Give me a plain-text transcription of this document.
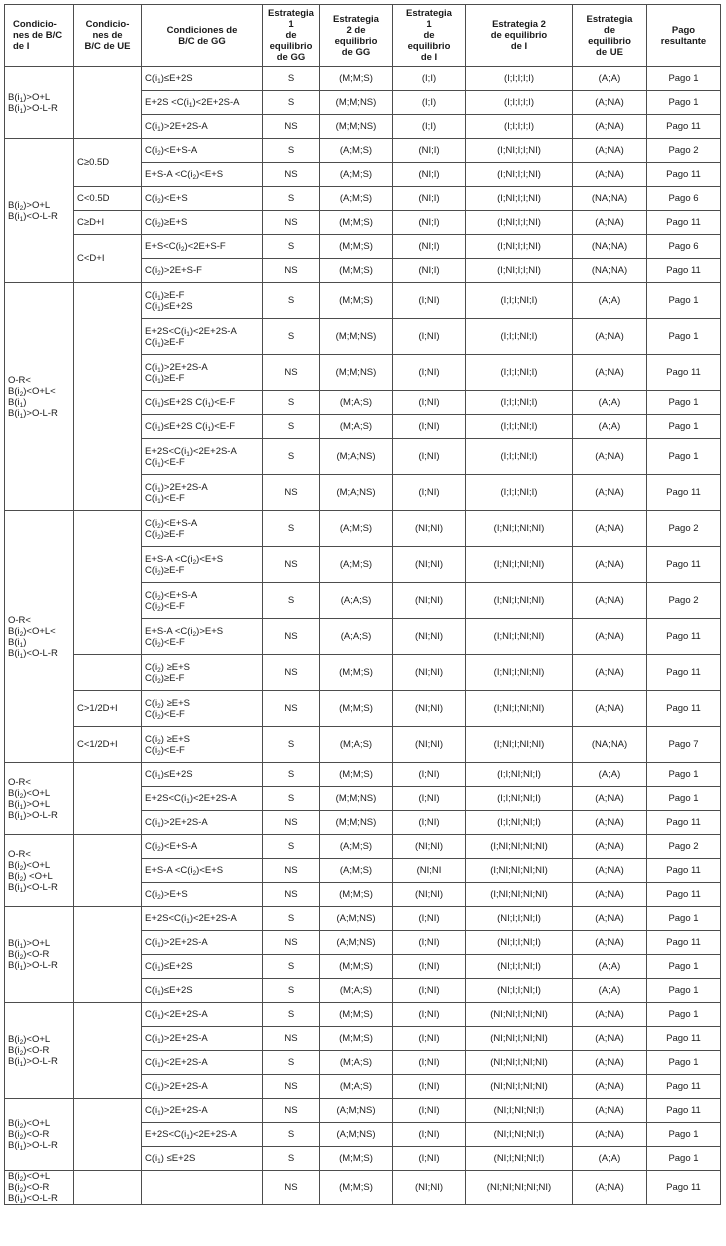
Condicio-
nes de B/C
de I	Condicio-
nes de
B/C de UE	Condiciones de
B/C de GG	Estrategia
1
de
equilibrio
de GG	Estrategia
2 de
equilibrio
de GG	Estrategia
1
de
equilibrio
de I	Estrategia 2
de equilibrio
de I	Estrategia
de
equilibrio
de UE	Pago
resultante

$B(i_1)>O+L$
$B(i_1)>O-L-R$		$C(i_1)\le E+2S$	S	(M;M;S)	(I;I)	(I;I;I;I;I)	(A;A)	Pago 1

		$E+2S <C(i_1)<2E+2S-A$	S	(M;M;NS)	(I;I)	(I;I;I;I;I)	(A;NA)	Pago 1

		$C(i_1)>2E+2S-A$	NS	(M;M;NS)	(I;I)	(I;I;I;I;I)	(A;NA)	Pago 11

$B(i_2)>O+L$
$B(i_1)<O-L-R$	C≥0.5D	$C(i_2)<E+S-A$	S	(A;M;S)	(NI;I)	(I;NI;I;I;NI)	(A;NA)	Pago 2

		$E+S-A <C(i_2)<E+S$	NS	(A;M;S)	(NI;I)	(I;NI;I;I;NI)	(A;NA)	Pago 11
	C<0.5D	$C(i_2)<E+S$	S	(A;M;S)	(NI;I)	(I;NI;I;I;NI)	(NA;NA)	Pago 6
	C≥D+I	$C(i_2)\ge E+S$	NS	(M;M;S)	(NI;I)	(I;NI;I;I;NI)	(A;NA)	Pago 11
	C<D+I	$E+S<C(i_2)<2E+S-F$	S	(M;M;S)	(NI;I)	(I;NI;I;I;NI)	(NA;NA)	Pago 6

		$C(i_2)>2E+S-F$	NS	(M;M;S)	(NI;I)	(I;NI;I;I;NI)	(NA;NA)	Pago 11

O-R<
$B(i_2)<O+L<$
$B(i_1)$
$B(i_1)>O-L-R$		$C(i_1)\ge E-F$
$C(i_1)\le E+2S$	S	(M;M;S)	(I;NI)	(I;I;I;NI;I)	(A;A)	Pago 1

		$E+2S<C(i_1)<2E+2S-A$
$C(i_1)\ge E-F$	S	(M;M;NS)	(I;NI)	(I;I;I;NI;I)	(A;NA)	Pago 1

		$C(i_1)>2E+2S-A$
$C(i_1)\ge E-F$	NS	(M;M;NS)	(I;NI)	(I;I;I;NI;I)	(A;NA)	Pago 11

		$C(i_1)\le E+2S$ $C(i_1)<E-F$	S	(M;A;S)	(I;NI)	(I;I;I;NI;I)	(A;A)	Pago 1

		$C(i_1)\le E+2S$ $C(i_1)<E-F$	S	(M;A;S)	(I;NI)	(I;I;I;NI;I)	(A;A)	Pago 1

		$E+2S<C(i_1)<2E+2S-A$
$C(i_1)<E-F$	S	(M;A;NS)	(I;NI)	(I;I;I;NI;I)	(A;NA)	Pago 1

		$C(i_1)>2E+2S-A$
$C(i_1)<E-F$	NS	(M;A;NS)	(I;NI)	(I;I;I;NI;I)	(A;NA)	Pago 11

O-R<
$B(i_2)<O+L<$
$B(i_1)$
$B(i_1)<O-L-R$		$C(i_2)<E+S-A$
$C(i_2)\ge E-F$	S	(A;M;S)	(NI;NI)	(I;NI;I;NI;NI)	(A;NA)	Pago 2

		$E+S-A <C(i_2)<E+S$
$C(i_2)\ge E-F$	NS	(A;M;S)	(NI;NI)	(I;NI;I;NI;NI)	(A;NA)	Pago 11

		$C(i_2)<E+S-A$
$C(i_2)<E-F$	S	(A;A;S)	(NI;NI)	(I;NI;I;NI;NI)	(A;NA)	Pago 2

		$E+S-A <C(i_2)>E+S$
$C(i_2)<E-F$	NS	(A;A;S)	(NI;NI)	(I;NI;I;NI;NI)	(A;NA)	Pago 11

		$C(i_2) \ge E+S$
$C(i_2)\ge E-F$	NS	(M;M;S)	(NI;NI)	(I;NI;I;NI;NI)	(A;NA)	Pago 11
	C>1/2D+I	$C(i_2) \ge E+S$
$C(i_2)<E-F$	NS	(M;M;S)	(NI;NI)	(I;NI;I;NI;NI)	(A;NA)	Pago 11
	C<1/2D+I	$C(i_2) \ge E+S$
$C(i_2)<E-F$	S	(M;A;S)	(NI;NI)	(I;NI;I;NI;NI)	(NA;NA)	Pago 7

O-R<
$B(i_2)<O+L$
$B(i_1)>O+L$
$B(i_1)>O-L-R$		$C(i_1)\le E+2S$	S	(M;M;S)	(I;NI)	(I;I;NI;NI;I)	(A;A)	Pago 1

		$E+2S<C(i_1)<2E+2S-A$	S	(M;M;NS)	(I;NI)	(I;I;NI;NI;I)	(A;NA)	Pago 1

		$C(i_1)>2E+2S-A$	NS	(M;M;NS)	(I;NI)	(I;I;NI;NI;I)	(A;NA)	Pago 11

O-R<
$B(i_2)<O+L$
$B(i_2) <O+L$
$B(i_1)<O-L-R$		$C(i_2)<E+S-A$	S	(A;M;S)	(NI;NI)	(I;NI;NI;NI;NI)	(A;NA)	Pago 2

		$E+S-A <C(i_2)<E+S$	NS	(A;M;S)	(NI;NI	(I;NI;NI;NI;NI)	(A;NA)	Pago 11

		$C(i_2)>E+S$	NS	(M;M;S)	(NI;NI)	(I;NI;NI;NI;NI)	(A;NA)	Pago 11

$B(i_1)>O+L$
$B(i_2)<O-R$
$B(i_1)>O-L-R$		$E+2S<C(i_1)<2E+2S-A$	S	(A;M;NS)	(I;NI)	(NI;I;I;NI;I)	(A;NA)	Pago 1

		$C(i_1)>2E+2S-A$	NS	(A;M;NS)	(I;NI)	(NI;I;I;NI;I)	(A;NA)	Pago 11

		$C(i_1)\le E+2S$	S	(M;M;S)	(I;NI)	(NI;I;I;NI;I)	(A;A)	Pago 1

		$C(i_1)\le E+2S$	S	(M;A;S)	(I;NI)	(NI;I;I;NI;I)	(A;A)	Pago 1

$B(i_2)<O+L$
$B(i_2)<O-R$
$B(i_1)>O-L-R$		$C(i_1)<2E+2S-A$	S	(M;M;S)	(I;NI)	(NI;NI;I;NI;NI)	(A;NA)	Pago 1

		$C(i_1)>2E+2S-A$	NS	(M;M;S)	(I;NI)	(NI;NI;I;NI;NI)	(A;NA)	Pago 11

		$C(i_1)<2E+2S-A$	S	(M;A;S)	(I;NI)	(NI;NI;I;NI;NI)	(A;NA)	Pago 1

		$C(i_1)>2E+2S-A$	NS	(M;A;S)	(I;NI)	(NI;NI;I;NI;NI)	(A;NA)	Pago 11

$B(i_2)<O+L$
$B(i_2)<O-R$
$B(i_1)>O-L-R$		$C(i_1)>2E+2S-A$	NS	(A;M;NS)	(I;NI)	(NI;I;NI;NI;I)	(A;NA)	Pago 11

		$E+2S<C(i_1)<2E+2S-A$	S	(A;M;NS)	(I;NI)	(NI;I;NI;NI;I)	(A;NA)	Pago 1

		$C(i_1) \le E+2S$	S	(M;M;S)	(I;NI)	(NI;I;NI;NI;I)	(A;A)	Pago 1

$B(i_2)<O+L$
$B(i_2)<O-R$
$B(i_1)<O-L-R$			NS	(M;M;S)	(NI;NI)	(NI;NI;NI;NI;NI)	(A;NA)	Pago 11
